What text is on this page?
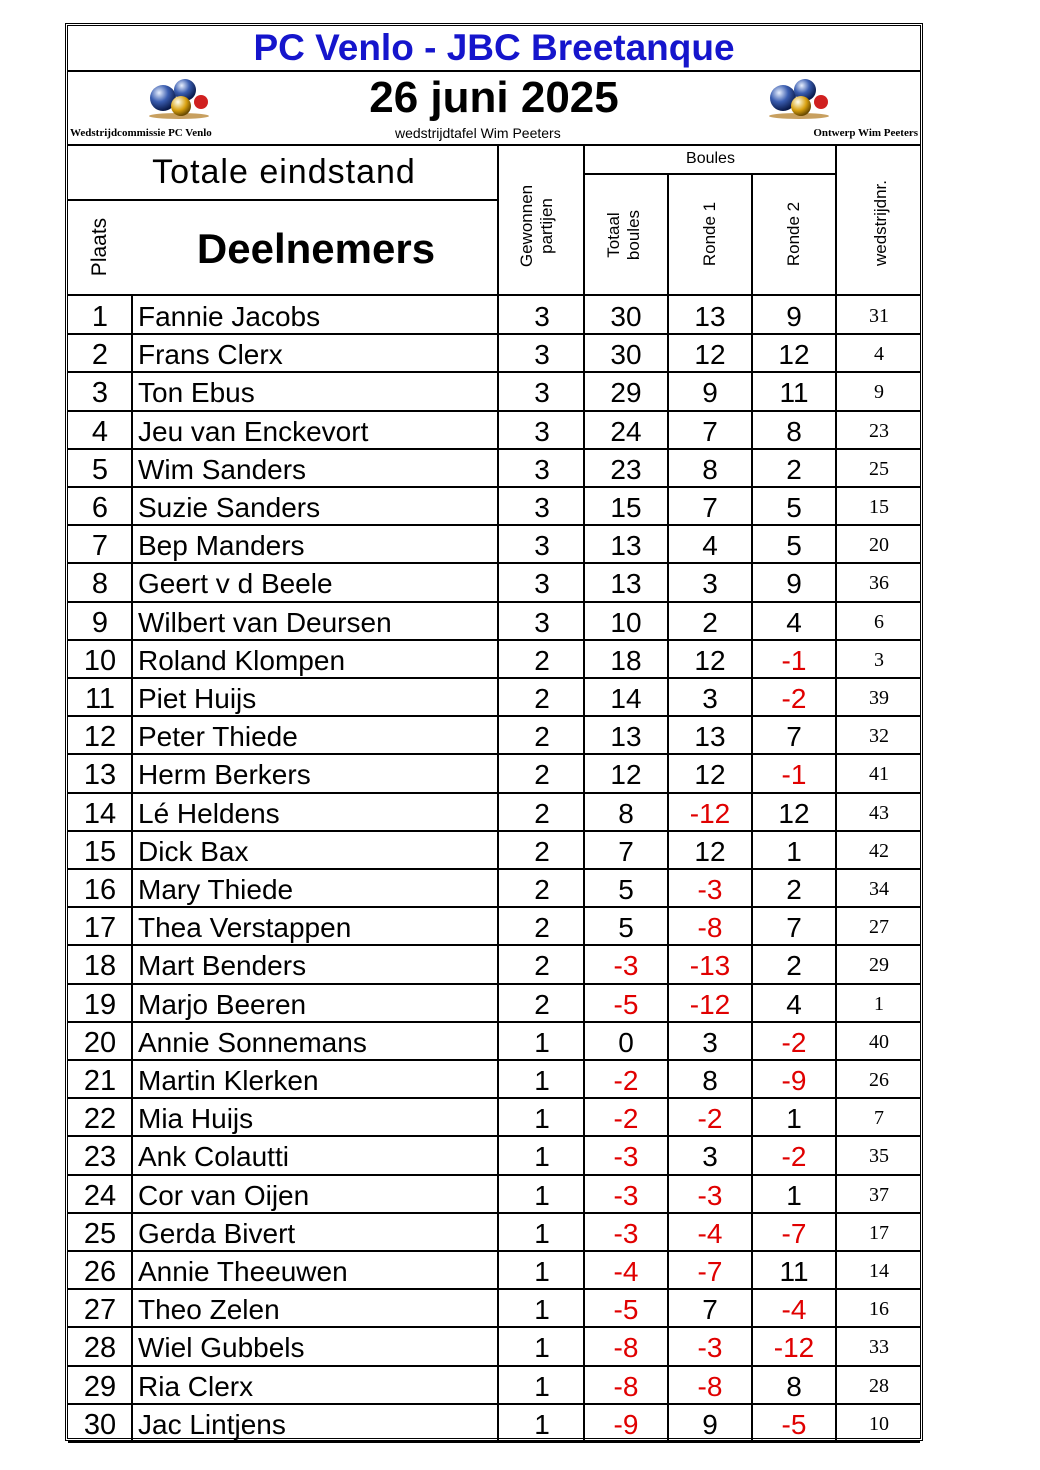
PC Venlo - JBC Breetanque
26 juni 2025
Wedstrijdcommissie PC Venlo	wedstrijdtafel Wim Peeters	Ontwerp Wim Peeters
Totale eindstand
Plaats	Deelnemers	Gewonnen partijen
Boules
Totaal boules	Ronde 1	Ronde 2	wedstrijdnr.
1	Fannie Jacobs	3	30	13	9	31
2	Frans Clerx	3	30	12	12	4
3	Ton Ebus	3	29	9	11	9
4	Jeu van Enckevort	3	24	7	8	23
5	Wim Sanders	3	23	8	2	25
6	Suzie Sanders	3	15	7	5	15
7	Bep Manders	3	13	4	5	20
8	Geert v d Beele	3	13	3	9	36
9	Wilbert van Deursen	3	10	2	4	6
10 Roland Klompen	2	18	12	-1	3
11 Piet Huijs	2	14	3	-2	39
12 Peter Thiede	2	13	13	7	32
13 Herm Berkers	2	12	12	-1	41
14 Lé Heldens	2	8	-12	12	43
15 Dick Bax	2	7	12	1	42
16 Mary Thiede	2	5	-3	2	34
17 Thea Verstappen	2	5	-8	7	27
18 Mart Benders	2	-3	-13	2	29
19 Marjo Beeren	2	-5	-12	4	1
20 Annie Sonnemans	1	0	3	-2	40
21 Martin Klerken	1	-2	8	-9	26
22 Mia Huijs	1	-2	-2	1	7
23 Ank Colautti	1	-3	3	-2	35
24 Cor van Oijen	1	-3	-3	1	37
25 Gerda Bivert	1	-3	-4	-7	17
26 Annie Theeuwen	1	-4	-7	11	14
27 Theo Zelen	1	-5	7	-4	16
28 Wiel Gubbels	1	-8	-3	-12	33
29 Ria Clerx	1	-8	-8	8	28
30 Jac Lintjens	1	-9	9	-5	10
